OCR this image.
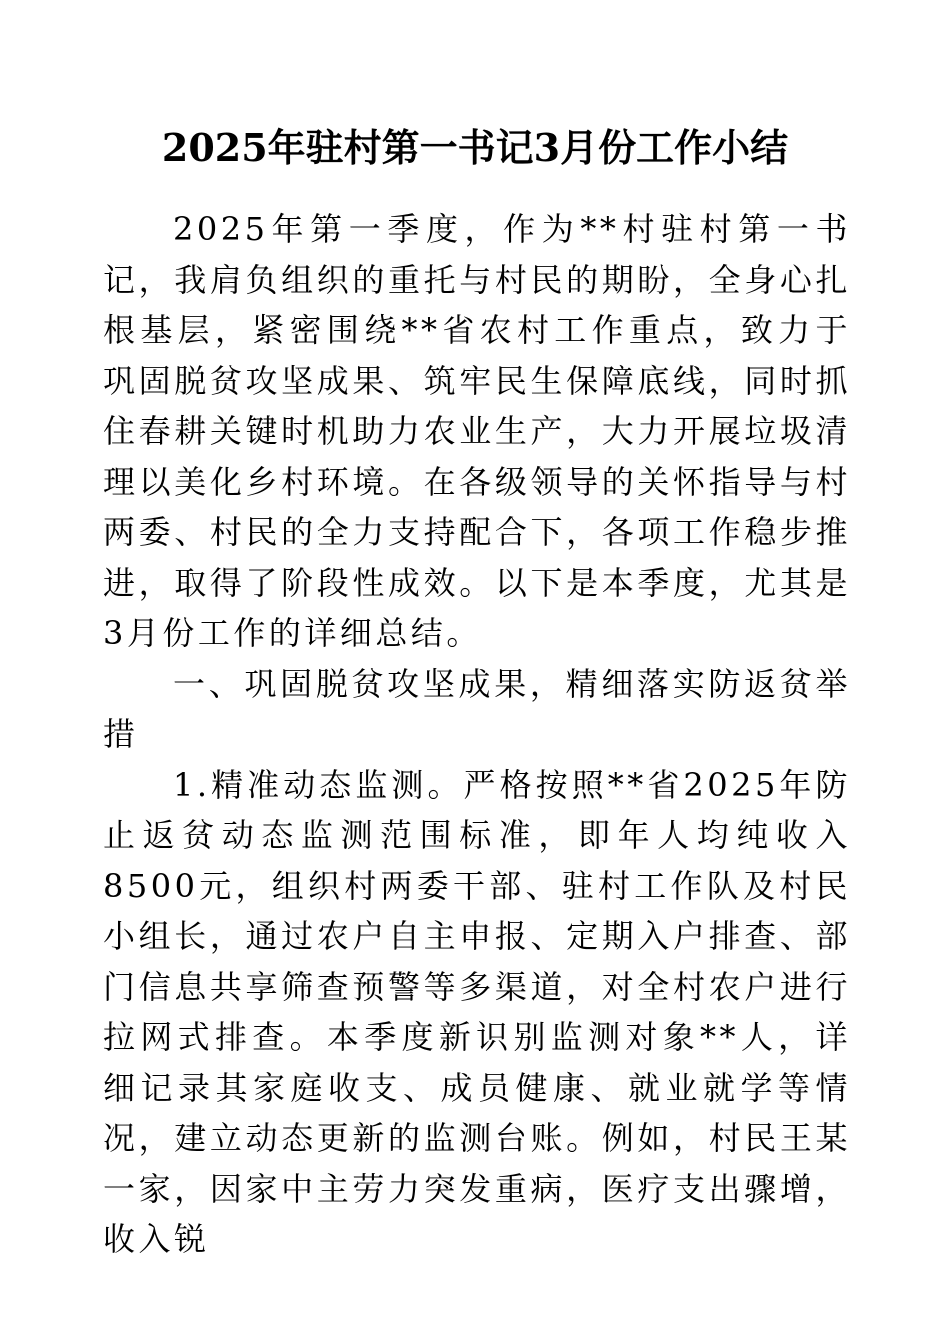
2025年驻村第一书记3月份工作小结

2025年第一季度，作为**村驻村第一书记，我肩负组织的重托与村民的期盼，全身心扎根基层，紧密围绕**省农村工作重点，致力于巩固脱贫攻坚成果、筑牢民生保障底线，同时抓住春耕关键时机助力农业生产，大力开展垃圾清理以美化乡村环境。在各级领导的关怀指导与村两委、村民的全力支持配合下，各项工作稳步推进，取得了阶段性成效。以下是本季度，尤其是3月份工作的详细总结。

一、巩固脱贫攻坚成果，精细落实防返贫举措

1.精准动态监测。严格按照**省2025年防止返贫动态监测范围标准，即年人均纯收入8500元，组织村两委干部、驻村工作队及村民小组长，通过农户自主申报、定期入户排查、部门信息共享筛查预警等多渠道，对全村农户进行拉网式排查。本季度新识别监测对象**人，详细记录其家庭收支、成员健康、就业就学等情况，建立动态更新的监测台账。例如，村民王某一家，因家中主劳力突发重病，医疗支出骤增，收入锐
